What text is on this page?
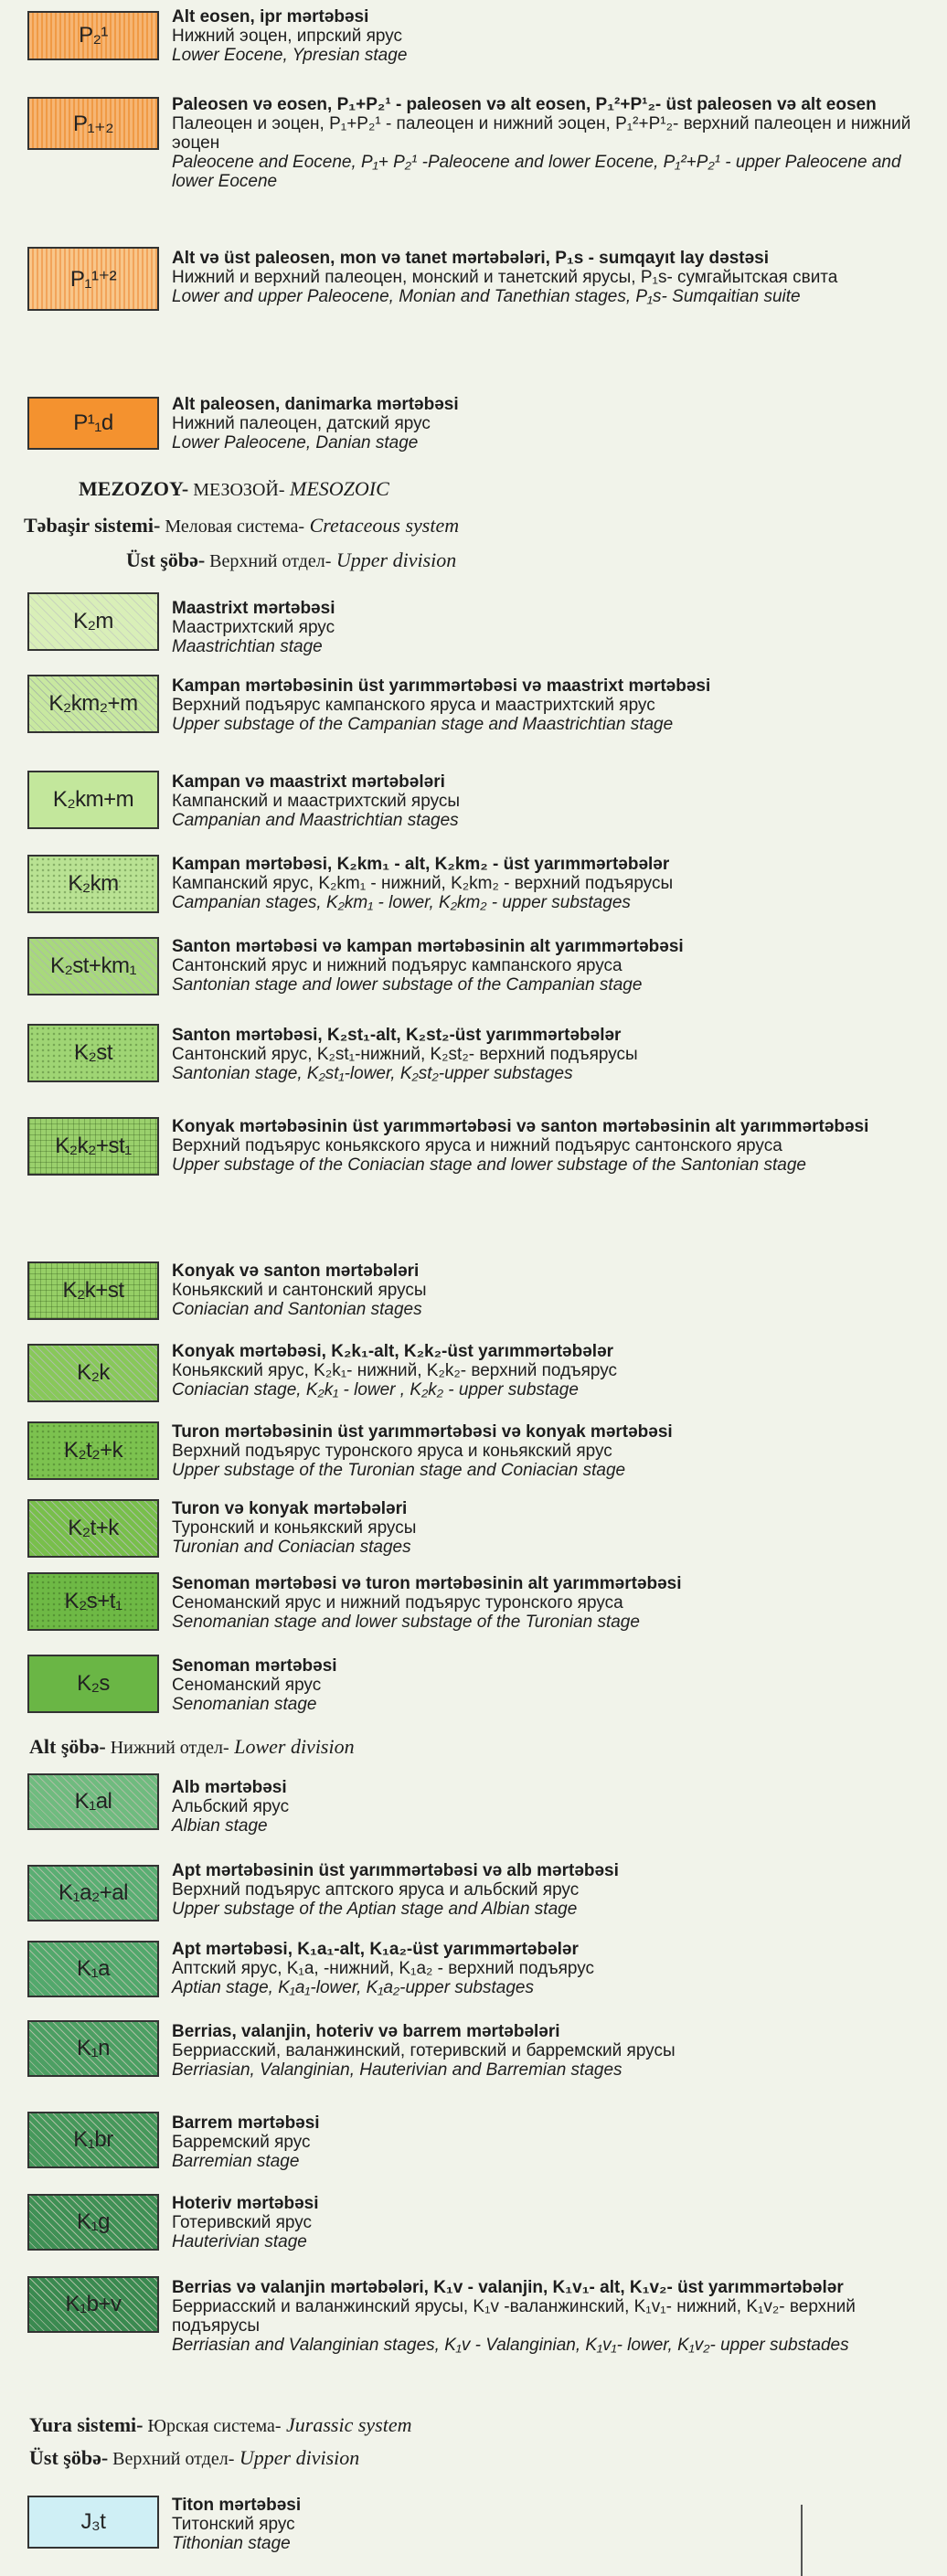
P₂¹
Alt eosen, ipr mərtəbəsi
Нижний эоцен, ипрский ярус
Lower Eocene, Ypresian stage
P₁₊₂
Paleosen və eosen, P₁+P₂¹ - paleosen və alt eosen, P₁²+P¹₂- üst paleosen və alt eosen
Палеоцен и эоцен, P₁+P₂¹ - палеоцен и нижний эоцен, P₁²+P¹₂- верхний палеоцен и нижний эоцен
Paleocene and Eocene, P₁+ P₂¹ -Paleocene and lower Eocene, P₁²+P₂¹ - upper Paleocene and lower Eocene
P₁¹⁺²
Alt və üst paleosen, mon və tanet mərtəbələri, P₁s - sumqayıt lay dəstəsi
Нижний и верхний палеоцен, монский и танетский ярусы, P₁s- сумгайытская свита
Lower and upper Paleocene, Monian and Tanethian stages, P₁s- Sumqaitian suite
P¹₁d
Alt paleosen, danimarka mərtəbəsi
Нижний палеоцен, датский ярус
Lower Paleocene, Danian stage
MEZOZOY- МЕЗОЗОЙ- MESOZOIC
Təbaşir sistemi- Меловая система- Cretaceous system
Üst şöbə- Верхний отдел- Upper division
K₂m
Maastrixt mərtəbəsi
Маастрихтский ярус
Maastrichtian stage
K₂km₂+m
Kampan mərtəbəsinin üst yarımmərtəbəsi və maastrixt mərtəbəsi
Верхний подъярус кампанского яруса и маастрихтский ярус
Upper substage of the Campanian stage and Maastrichtian stage
K₂km+m
Kampan və maastrixt mərtəbələri
Кампанский и маастрихтский ярусы
Campanian and Maastrichtian stages
K₂km
Kampan mərtəbəsi, K₂km₁ - alt, K₂km₂ - üst yarımmərtəbələr
Кампанский ярус, K₂km₁ - нижний, K₂km₂ - верхний подъярусы
Campanian stages, K₂km₁ - lower, K₂km₂ - upper substages
K₂st+km₁
Santon mərtəbəsi və kampan mərtəbəsinin alt yarımmərtəbəsi
Сантонский ярус и нижний подъярус кампанского яруса
Santonian stage and lower substage of the Campanian stage
K₂st
Santon mərtəbəsi, K₂st₁-alt, K₂st₂-üst yarımmərtəbələr
Сантонский ярус, K₂st₁-нижний, K₂st₂- верхний подъярусы
Santonian stage, K₂st₁-lower, K₂st₂-upper substages
K₂k₂+st₁
Konyak mərtəbəsinin üst yarımmərtəbəsi və santon mərtəbəsinin alt yarımmərtəbəsi
Верхний подъярус коньякского яруса и нижний подъярус сантонского яруса
Upper substage of the Coniacian stage and lower substage of the Santonian stage
K₂k+st
Konyak və santon mərtəbələri
Коньякский и сантонский ярусы
Coniacian and Santonian stages
K₂k
Konyak mərtəbəsi, K₂k₁-alt, K₂k₂-üst yarımmərtəbələr
Коньякский ярус, K₂k₁- нижний, K₂k₂- верхний подъярус
Coniacian stage, K₂k₁ - lower , K₂k₂ - upper substage
K₂t₂+k
Turon mərtəbəsinin üst yarımmərtəbəsi və konyak mərtəbəsi
Верхний подъярус туронского яруса и коньякский ярус
Upper substage of the Turonian stage and Coniacian stage
K₂t+k
Turon və konyak mərtəbələri
Туронский и коньякский ярусы
Turonian and Coniacian stages
K₂s+t₁
Senoman mərtəbəsi və turon mərtəbəsinin alt yarımmərtəbəsi
Сеноманский ярус и нижний подъярус туронского яруса
Senomanian stage and lower substage of the Turonian stage
K₂s
Senoman mərtəbəsi
Сеноманский ярус
Senomanian stage
Alt şöbə- Нижний отдел- Lower division
K₁al
Alb mərtəbəsi
Альбский ярус
Albian stage
K₁a₂+al
Apt mərtəbəsinin üst yarımmərtəbəsi və alb mərtəbəsi
Верхний подъярус аптского яруса и альбский ярус
Upper substage of the Aptian stage and Albian stage
K₁a
Apt mərtəbəsi, K₁a₁-alt, K₁a₂-üst yarımmərtəbələr
Аптский ярус, K₁a, -нижний, K₁a₂ - верхний подъярус
Aptian stage, K₁a₁-lower, K₁a₂-upper substages
K₁n
Berrias, valanjin, hoteriv və barrem mərtəbələri
Берриасский, валанжинский, готеривский и барремский ярусы
Berriasian, Valanginian, Hauterivian and Barremian stages
K₁br
Barrem mərtəbəsi
Барремский ярус
Barremian stage
K₁g
Hoteriv mərtəbəsi
Готеривский ярус
Hauterivian stage
K₁b+v
Berrias və valanjin mərtəbələri, K₁v - valanjin, K₁v₁- alt, K₁v₂- üst yarımmərtəbələr
Берриасский и валанжинский ярусы, K₁v -валанжинский, K₁v₁- нижний, K₁v₂- верхний подъярусы
Berriasian and Valanginian stages, K₁v - Valanginian, K₁v₁- lower, K₁v₂- upper substades
Yura sistemi- Юрская система- Jurassic system
Üst şöbə- Верхний отдел- Upper division
J₃t
Titon mərtəbəsi
Титонский ярус
Tithonian stage
